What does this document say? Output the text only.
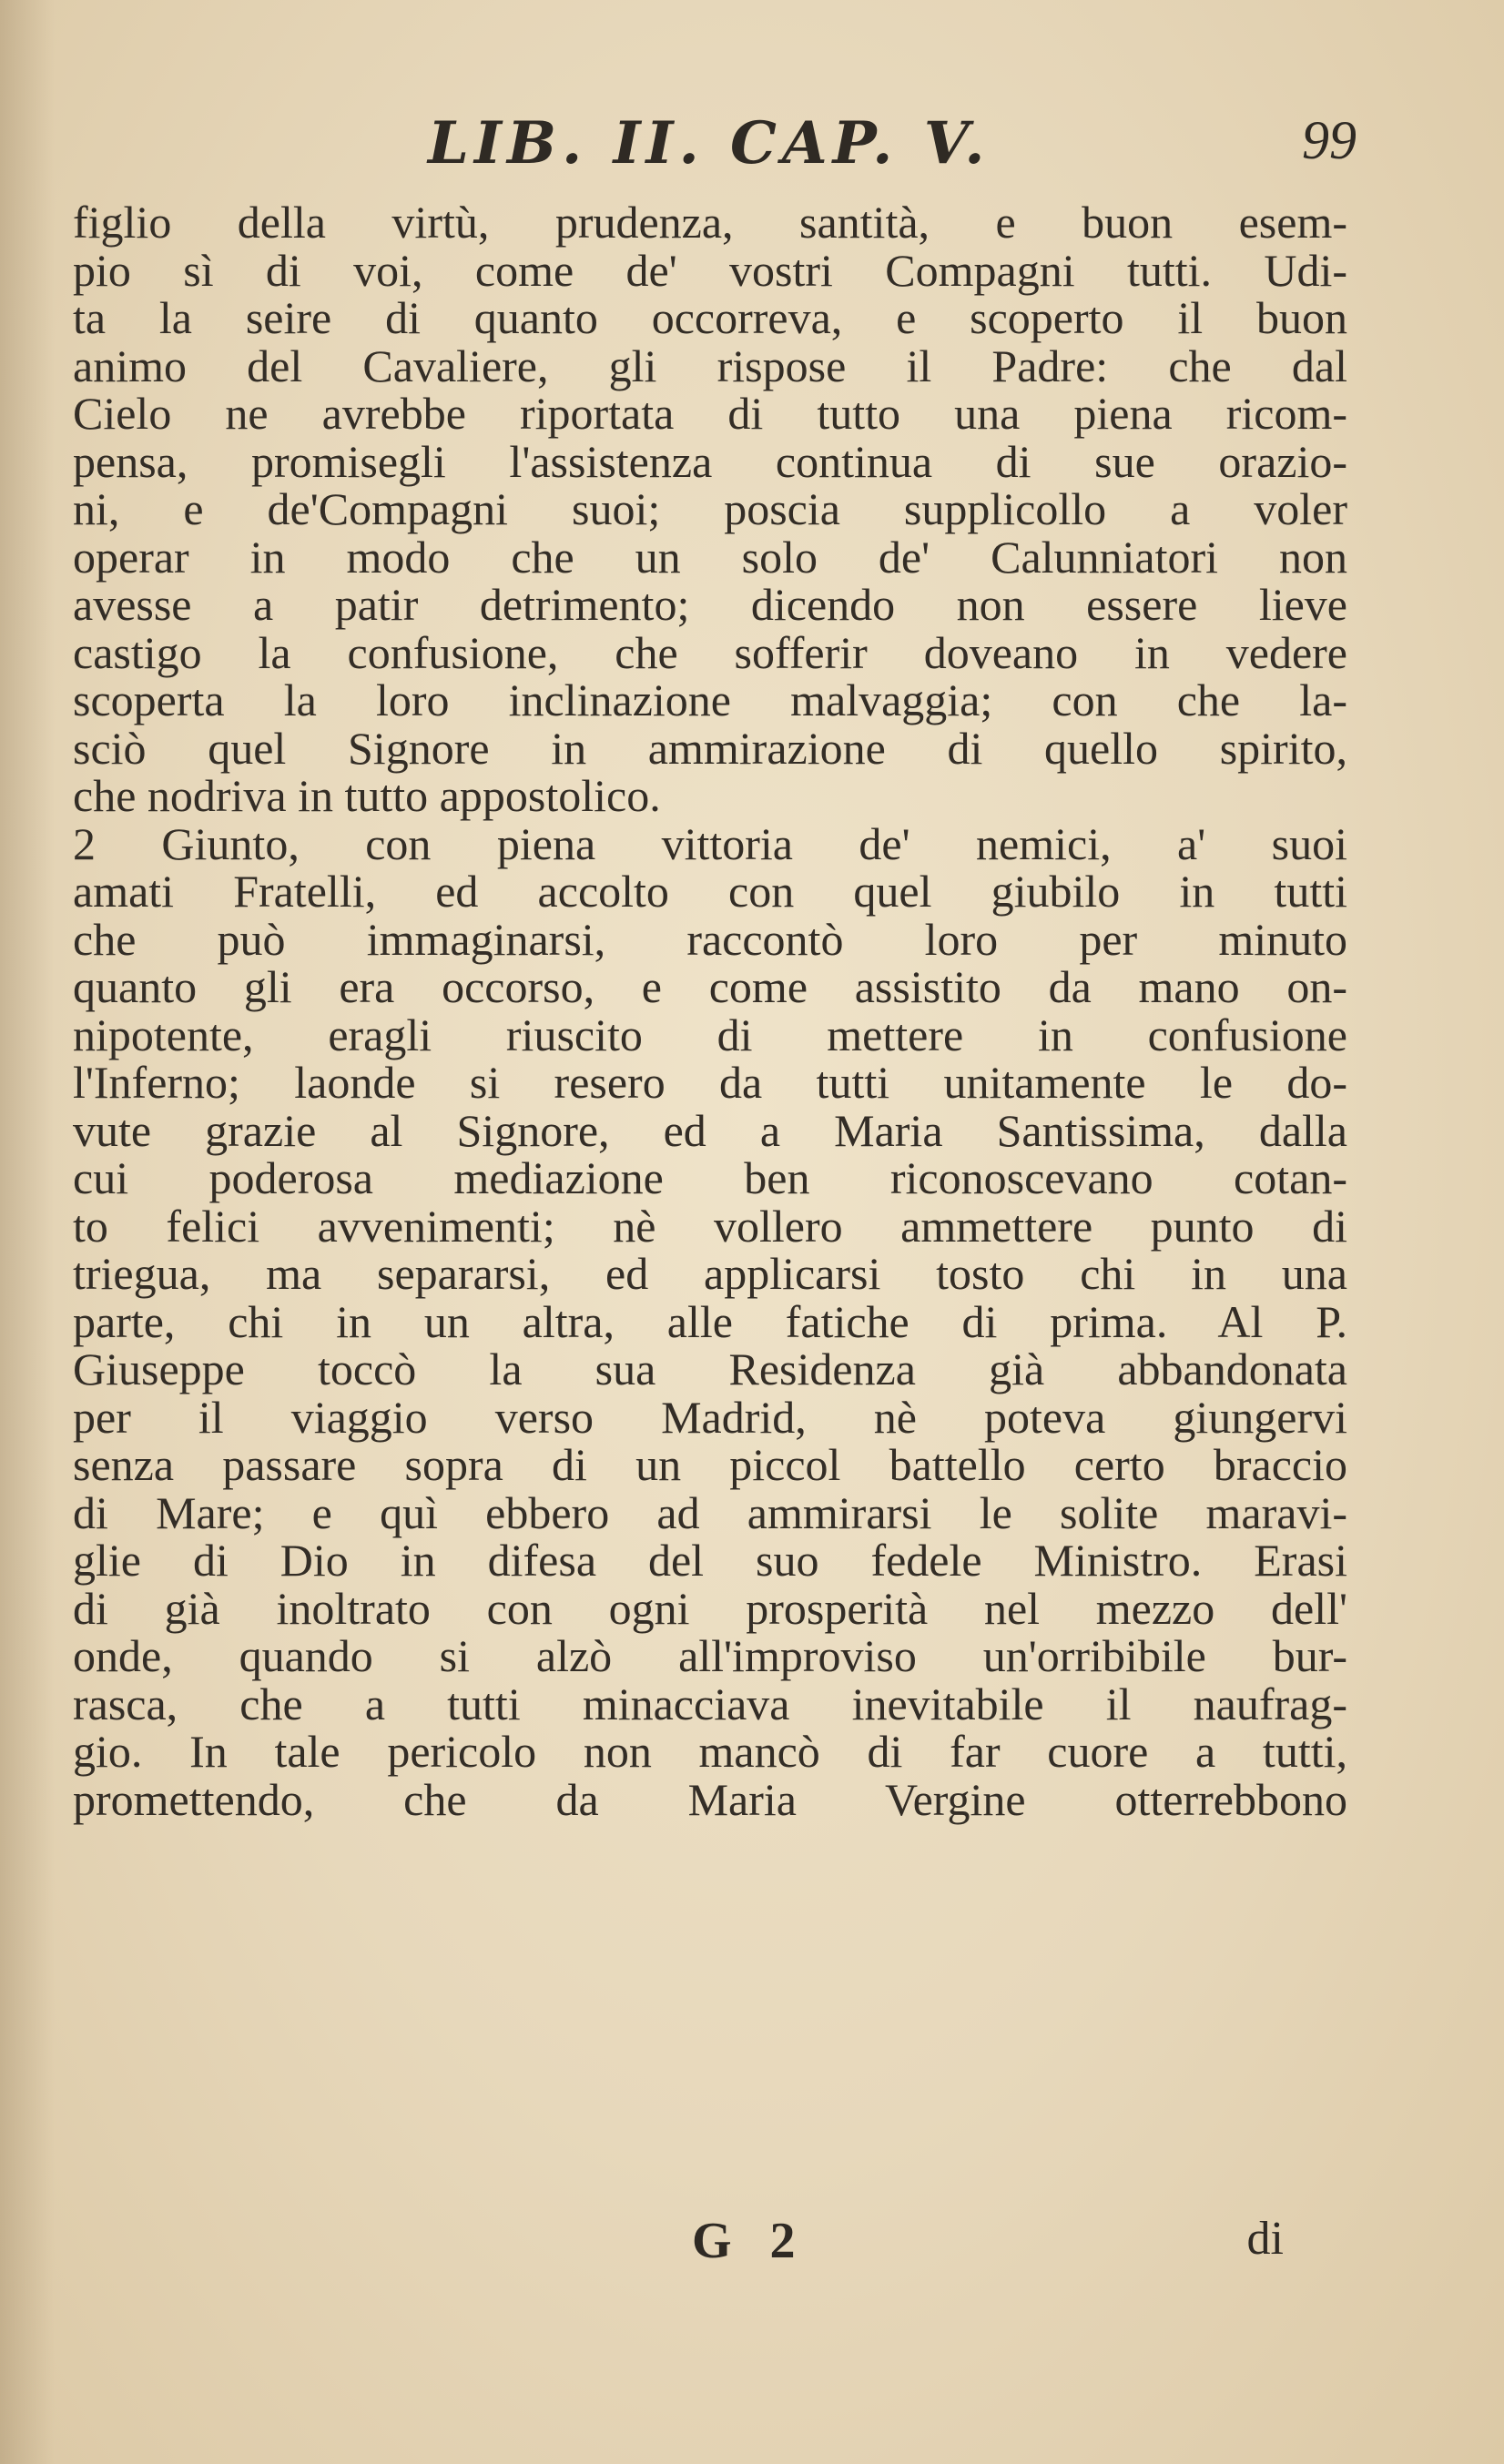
LIB. II. CAP. V.	99
figlio della virtù, prudenza, santità, e buon esem-
pio sì di voi, come de' vostri Compagni tutti. Udi-
ta la seire di quanto occorreva, e scoperto il buon
animo del Cavaliere, gli rispose il Padre: che dal
Cielo ne avrebbe riportata di tutto una piena ricom-
pensa, promisegli l'assistenza continua di sue orazio-
ni, e de'Compagni suoi; poscia supplicollo a voler
operar in modo che un solo de' Calunniatori non
avesse a patir detrimento; dicendo non essere lieve
castigo la confusione, che sofferir doveano in vedere
scoperta la loro inclinazione malvaggia; con che la-
sciò quel Signore in ammirazione di quello spirito,
che nodriva in tutto appostolico.
2 Giunto, con piena vittoria de' nemici, a' suoi
amati Fratelli, ed accolto con quel giubilo in tutti
che può immaginarsi, raccontò loro per minuto
quanto gli era occorso, e come assistito da mano on-
nipotente, eragli riuscito di mettere in confusione
l'Inferno; laonde si resero da tutti unitamente le do-
vute grazie al Signore, ed a Maria Santissima, dalla
cui poderosa mediazione ben riconoscevano cotan-
to felici avvenimenti; nè vollero ammettere punto di
triegua, ma separarsi, ed applicarsi tosto chi in una
parte, chi in un altra, alle fatiche di prima. Al P.
Giuseppe toccò la sua Residenza già abbandonata
per il viaggio verso Madrid, nè poteva giungervi
senza passare sopra di un piccol battello certo braccio
di Mare; e quì ebbero ad ammirarsi le solite maravi-
glie di Dio in difesa del suo fedele Ministro. Erasi
di già inoltrato con ogni prosperità nel mezzo dell'
onde, quando si alzò all'improviso un'orribibile bur-
rasca, che a tutti minacciava inevitabile il naufrag-
gio. In tale pericolo non mancò di far cuore a tutti,
promettendo, che da Maria Vergine otterrebbono
G 2	di
